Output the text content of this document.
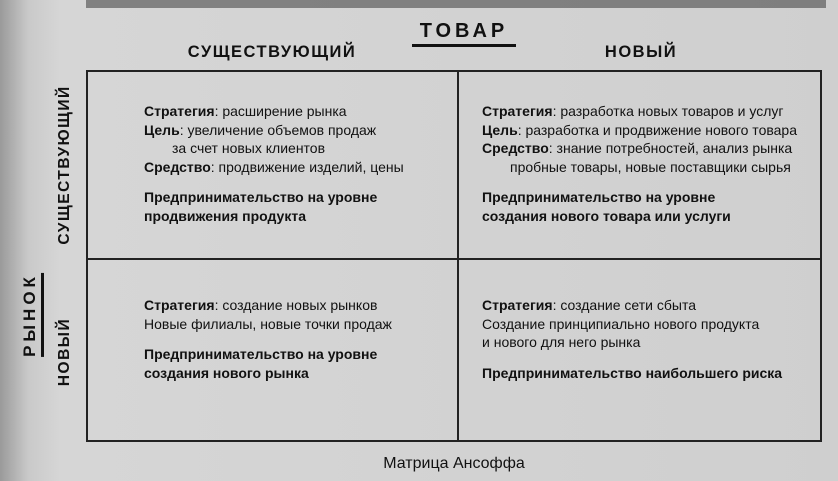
ТОВАР
СУЩЕСТВУЮЩИЙ	НОВЫЙ
РЫНОК
СУЩЕСТВУЮЩИЙ
НОВЫЙ
Стратегия: расширение рынка
Цель: увеличение объемов продаж
за счет новых клиентов
Средство: продвижение изделий, цены
Предпринимательство на уровне
продвижения продукта
Стратегия: разработка новых товаров и услуг
Цель: разработка и продвижение нового товара
Средство: знание потребностей, анализ рынка
пробные товары, новые поставщики сырья
Предпринимательство на уровне
создания нового товара или услуги
Стратегия: создание новых рынков
Новые филиалы, новые точки продаж
Предпринимательство на уровне
создания нового рынка
Стратегия: создание сети сбыта
Создание принципиально нового продукта
и нового для него рынка
Предпринимательство наибольшего риска
Матрица Ансоффа
